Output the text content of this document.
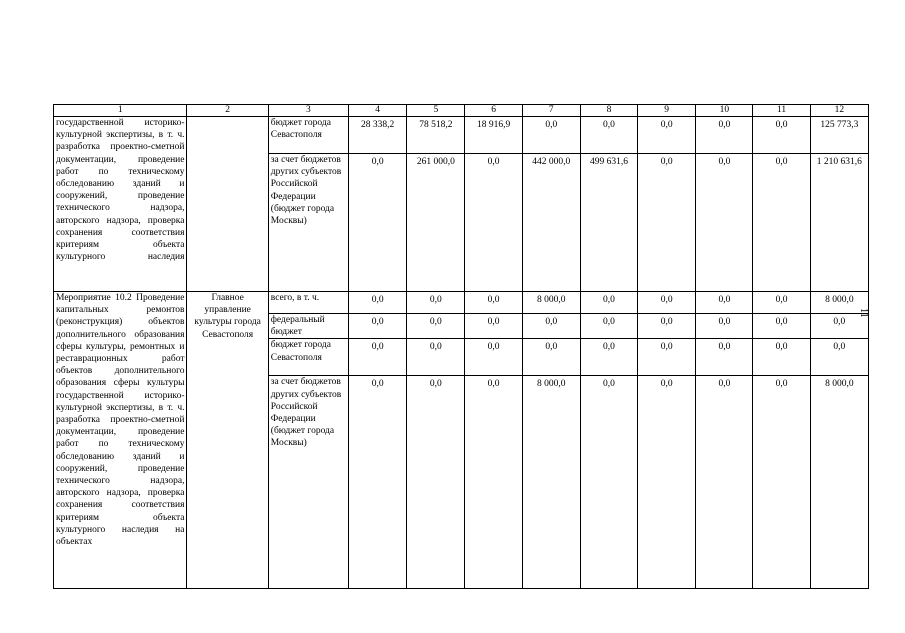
11
1	2	3	4	5	6	7	8	9	10	11	12
государственной историко-культурной экспертизы, в т. ч. разработка проектно-сметной документации, проведение работ по техническому обследованию зданий и сооружений, проведение технического надзора, авторского надзора, проверка сохранения соответствия критериям объекта культурного наследия		бюджет города Севастополя	28 338,2	78 518,2	18 916,9	0,0	0,0	0,0	0,0	0,0	125 773,3
		за счет бюджетов других субъектов Российской Федерации (бюджет города Москвы)	0,0	261 000,0	0,0	442 000,0	499 631,6	0,0	0,0	0,0	1 210 631,6
Мероприятие 10.2 Проведение капитальных ремонтов (реконструкция) объектов дополнительного образования сферы культуры, ремонтных и реставрационных работ объектов дополнительного образования сферы культуры государственной историко-культурной экспертизы, в т. ч. разработка проектно-сметной документации, проведение работ по техническому обследованию зданий и сооружений, проведение технического надзора, авторского надзора, проверка сохранения соответствия критериям объекта культурного наследия на объектах	Главное управление культуры города Севастополя	всего, в т. ч.	0,0	0,0	0,0	8 000,0	0,0	0,0	0,0	0,0	8 000,0
		федеральный бюджет	0,0	0,0	0,0	0,0	0,0	0,0	0,0	0,0	0,0
		бюджет города Севастополя	0,0	0,0	0,0	0,0	0,0	0,0	0,0	0,0	0,0
		за счет бюджетов других субъектов Российской Федерации (бюджет города Москвы)	0,0	0,0	0,0	8 000,0	0,0	0,0	0,0	0,0	8 000,0
